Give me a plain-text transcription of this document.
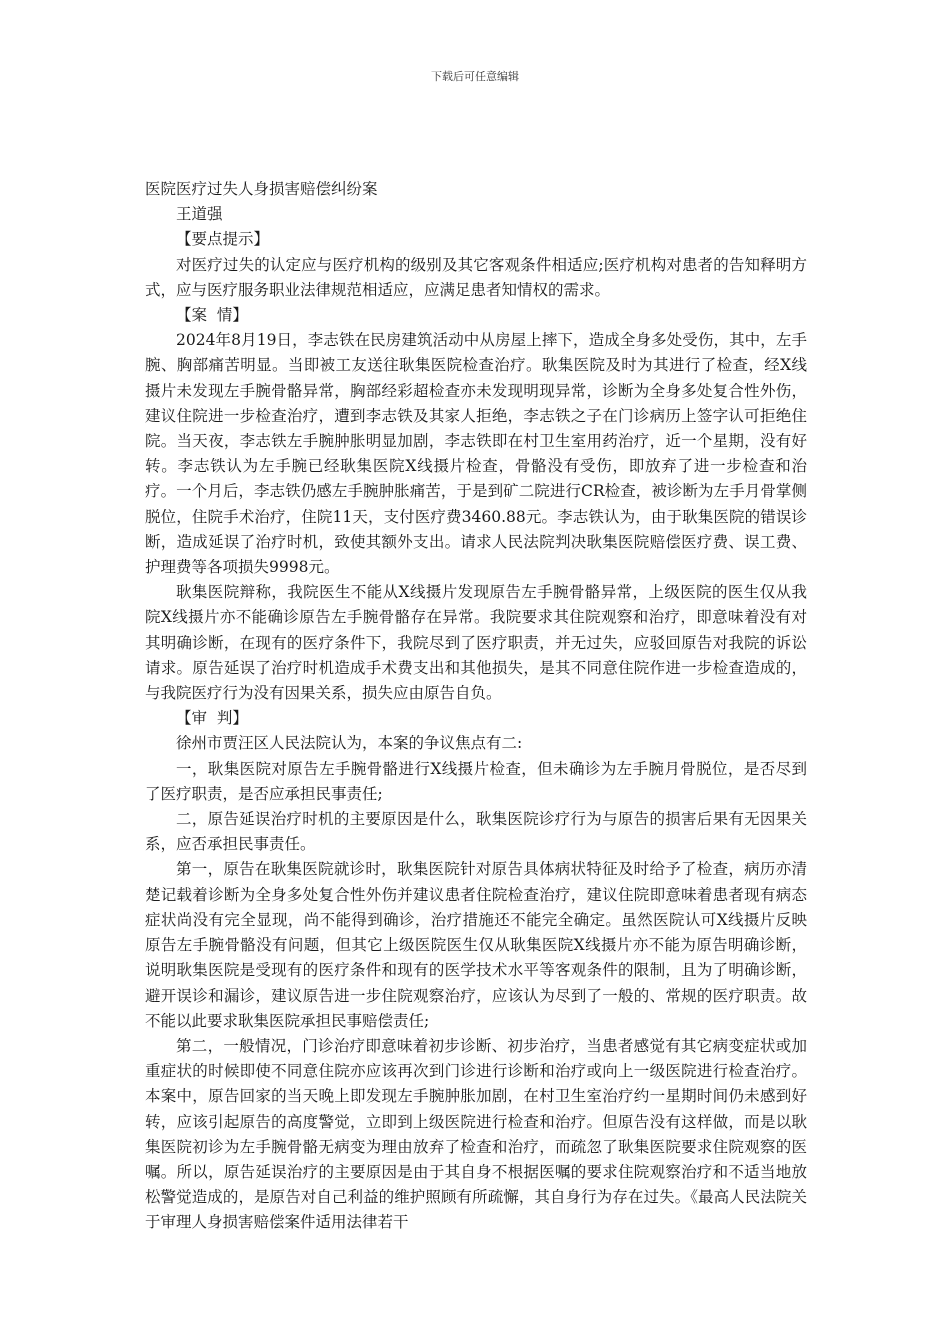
下载后可任意编辑

医院医疗过失人身损害赔偿纠纷案

王道强

【要点提示】

对医疗过失的认定应与医疗机构的级别及其它客观条件相适应;医疗机构对患者的告知释明方式，应与医疗服务职业法律规范相适应，应满足患者知情权的需求。

【案  情】

2024年8月19日，李志铁在民房建筑活动中从房屋上摔下，造成全身多处受伤，其中，左手腕、胸部痛苦明显。当即被工友送往耿集医院检查治疗。耿集医院及时为其进行了检查，经X线摄片未发现左手腕骨骼异常，胸部经彩超检查亦未发现明现异常，诊断为全身多处复合性外伤，建议住院进一步检查治疗，遭到李志铁及其家人拒绝，李志铁之子在门诊病历上签字认可拒绝住院。当天夜，李志铁左手腕肿胀明显加剧，李志铁即在村卫生室用药治疗，近一个星期，没有好转。李志铁认为左手腕已经耿集医院X线摄片检查，骨骼没有受伤，即放弃了进一步检查和治疗。一个月后，李志铁仍感左手腕肿胀痛苦，于是到矿二院进行CR检查，被诊断为左手月骨掌侧脱位，住院手术治疗，住院11天，支付医疗费3460.88元。李志铁认为，由于耿集医院的错误诊断，造成延误了治疗时机，致使其额外支出。请求人民法院判决耿集医院赔偿医疗费、误工费、护理费等各项损失9998元。

耿集医院辩称，我院医生不能从X线摄片发现原告左手腕骨骼异常，上级医院的医生仅从我院X线摄片亦不能确诊原告左手腕骨骼存在异常。我院要求其住院观察和治疗，即意味着没有对其明确诊断，在现有的医疗条件下，我院尽到了医疗职责，并无过失，应驳回原告对我院的诉讼请求。原告延误了治疗时机造成手术费支出和其他损失，是其不同意住院作进一步检查造成的，与我院医疗行为没有因果关系，损失应由原告自负。

【审  判】

徐州市贾汪区人民法院认为，本案的争议焦点有二:

一，耿集医院对原告左手腕骨骼进行X线摄片检查，但未确诊为左手腕月骨脱位，是否尽到了医疗职责，是否应承担民事责任;

二，原告延误治疗时机的主要原因是什么，耿集医院诊疗行为与原告的损害后果有无因果关系，应否承担民事责任。

第一，原告在耿集医院就诊时，耿集医院针对原告具体病状特征及时给予了检查，病历亦清楚记载着诊断为全身多处复合性外伤并建议患者住院检查治疗，建议住院即意味着患者现有病态症状尚没有完全显现，尚不能得到确诊，治疗措施还不能完全确定。虽然医院认可X线摄片反映原告左手腕骨骼没有问题，但其它上级医院医生仅从耿集医院X线摄片亦不能为原告明确诊断，说明耿集医院是受现有的医疗条件和现有的医学技术水平等客观条件的限制，且为了明确诊断，避开误诊和漏诊，建议原告进一步住院观察治疗，应该认为尽到了一般的、常规的医疗职责。故不能以此要求耿集医院承担民事赔偿责任;

第二，一般情况，门诊治疗即意味着初步诊断、初步治疗，当患者感觉有其它病变症状或加重症状的时候即使不同意住院亦应该再次到门诊进行诊断和治疗或向上一级医院进行检查治疗。本案中，原告回家的当天晚上即发现左手腕肿胀加剧，在村卫生室治疗约一星期时间仍未感到好转，应该引起原告的高度警觉，立即到上级医院进行检查和治疗。但原告没有这样做，而是以耿集医院初诊为左手腕骨骼无病变为理由放弃了检查和治疗，而疏忽了耿集医院要求住院观察的医嘱。所以，原告延误治疗的主要原因是由于其自身不根据医嘱的要求住院观察治疗和不适当地放松警觉造成的，是原告对自己利益的维护照顾有所疏懈，其自身行为存在过失。《最高人民法院关于审理人身损害赔偿案件适用法律若干
